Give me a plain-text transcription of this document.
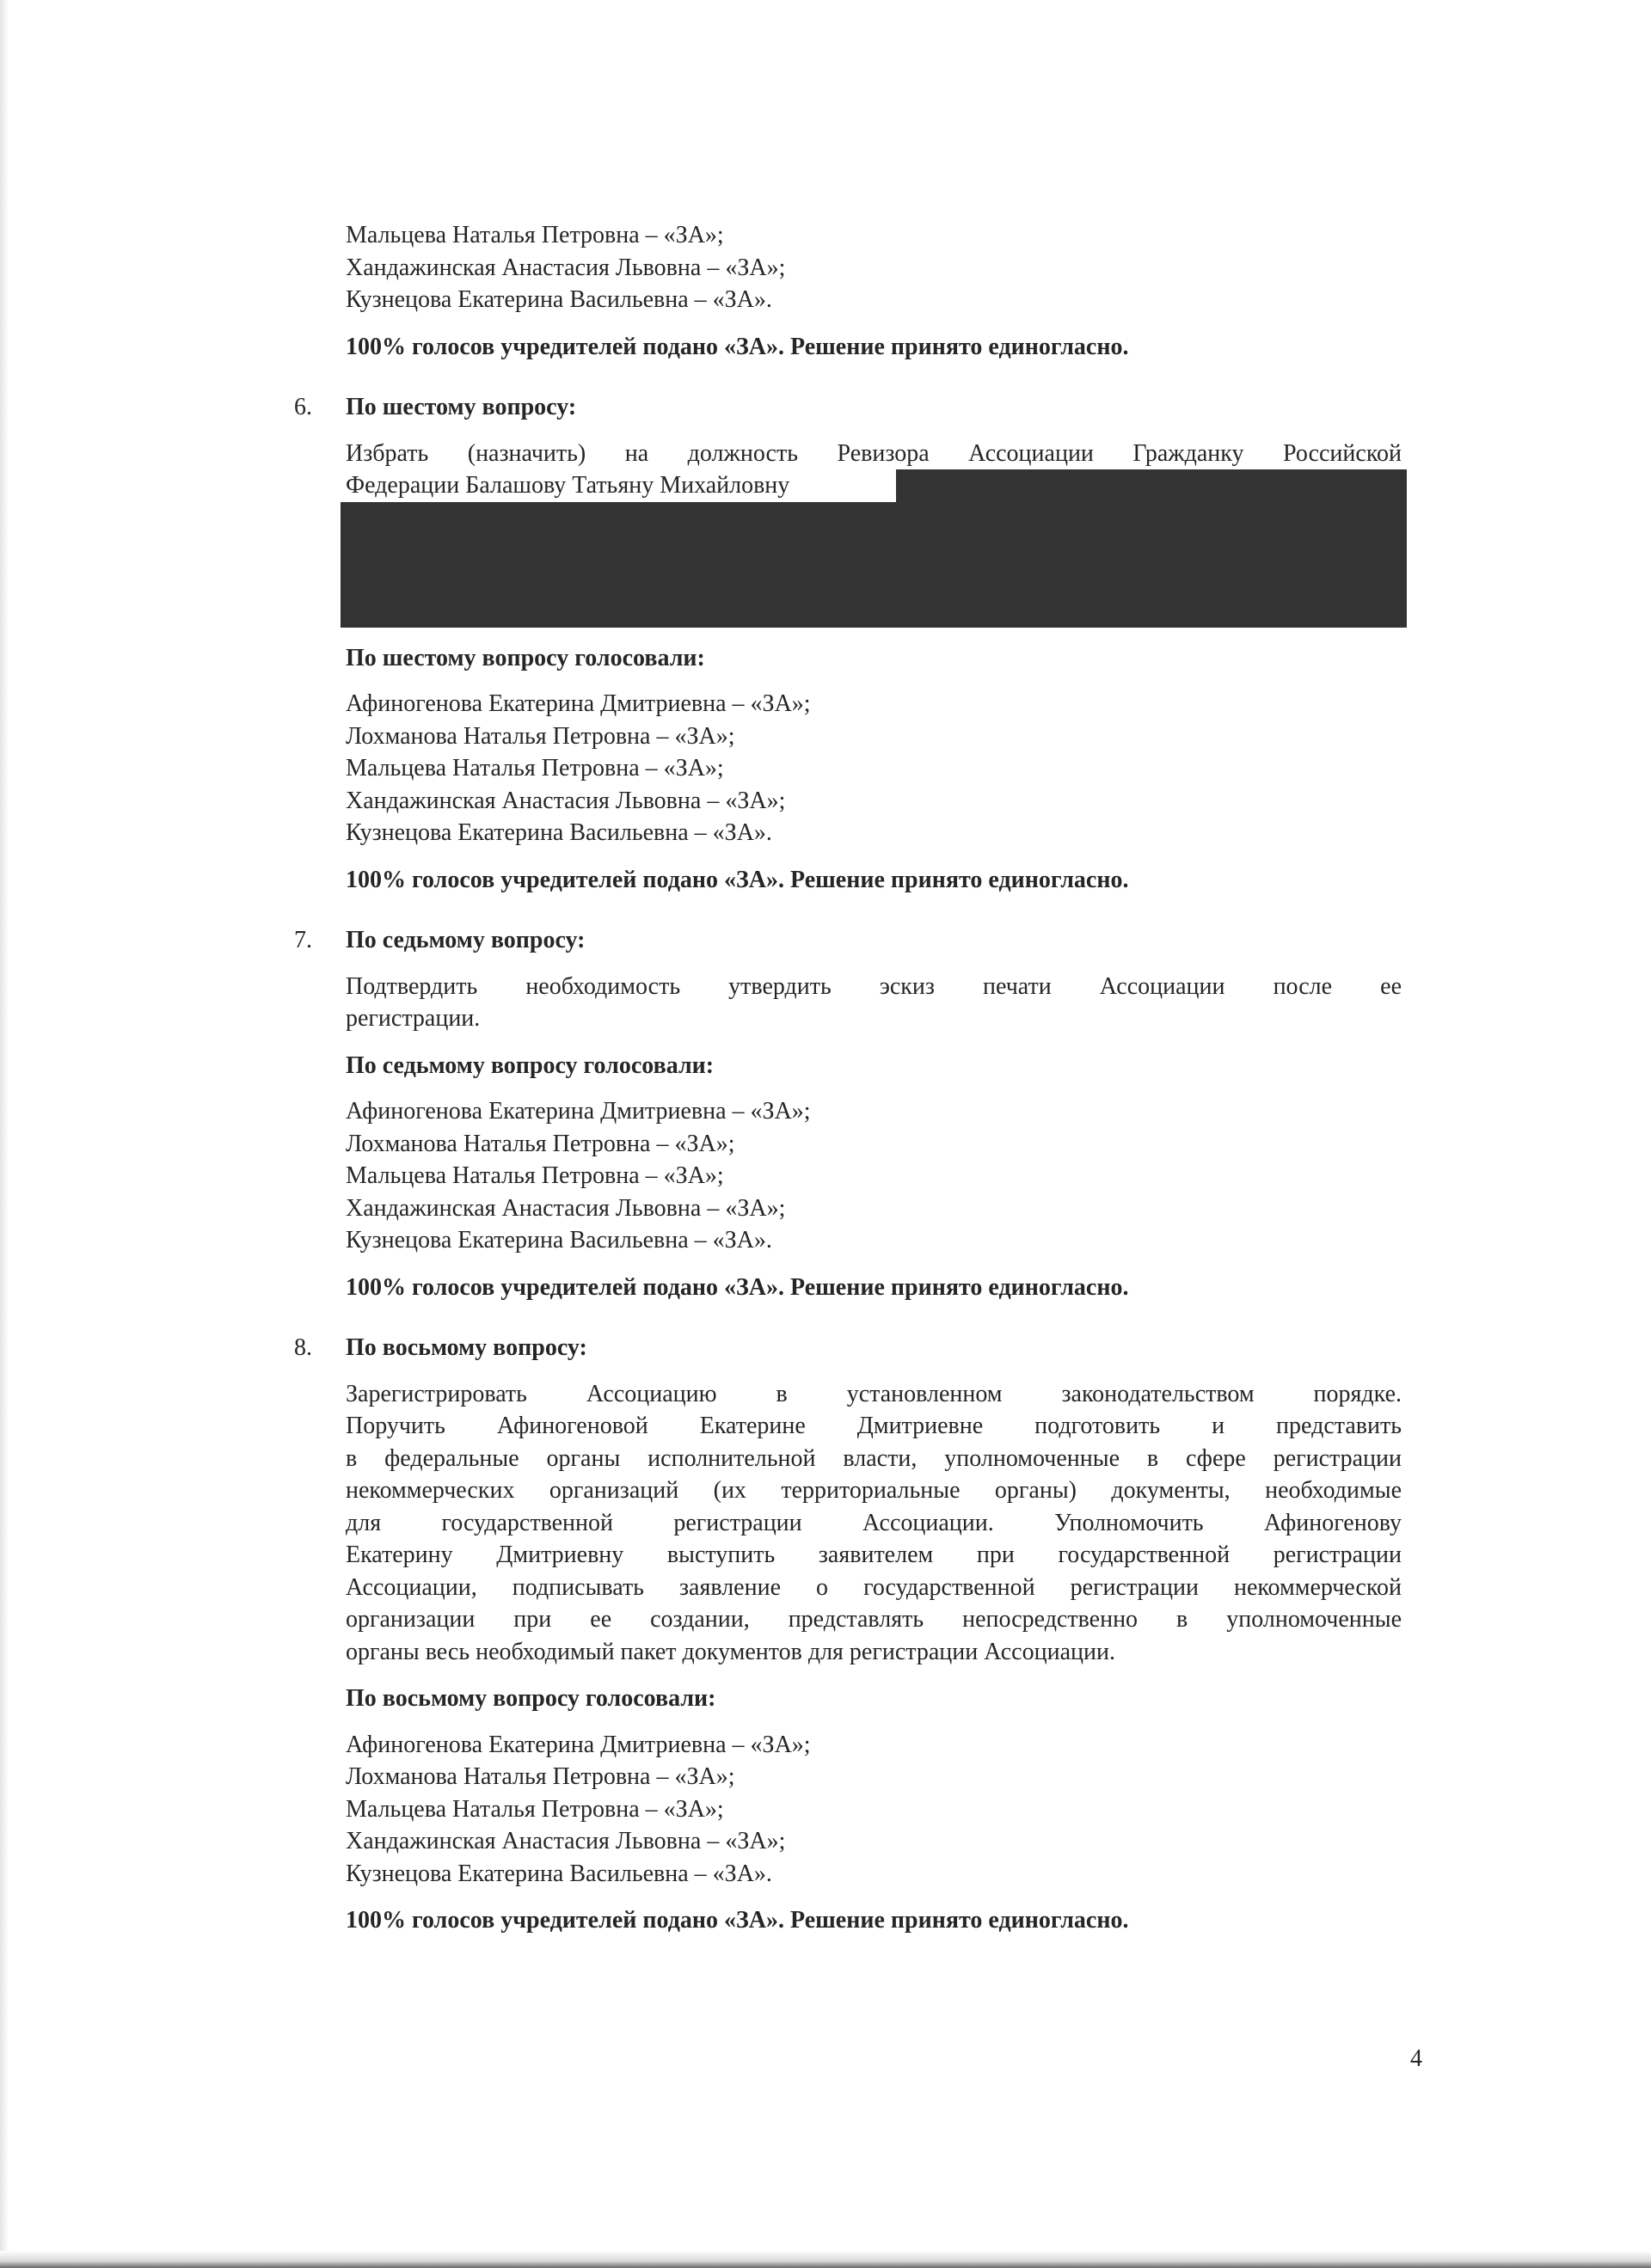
Мальцева Наталья Петровна – «ЗА»;
Хандажинская Анастасия Львовна – «ЗА»;
Кузнецова Екатерина Васильевна – «ЗА».
100% голосов учредителей подано «ЗА». Решение принято единогласно.
6. По шестому вопросу:
Избрать (назначить) на должность Ревизора Ассоциации Гражданку Российской
Федерации Балашову Татьяну Михайловну
По шестому вопросу голосовали:
Афиногенова Екатерина Дмитриевна – «ЗА»;
Лохманова Наталья Петровна – «ЗА»;
Мальцева Наталья Петровна – «ЗА»;
Хандажинская Анастасия Львовна – «ЗА»;
Кузнецова Екатерина Васильевна – «ЗА».
100% голосов учредителей подано «ЗА». Решение принято единогласно.
7. По седьмому вопросу:
Подтвердить необходимость утвердить эскиз печати Ассоциации после ее
регистрации.
По седьмому вопросу голосовали:
Афиногенова Екатерина Дмитриевна – «ЗА»;
Лохманова Наталья Петровна – «ЗА»;
Мальцева Наталья Петровна – «ЗА»;
Хандажинская Анастасия Львовна – «ЗА»;
Кузнецова Екатерина Васильевна – «ЗА».
100% голосов учредителей подано «ЗА». Решение принято единогласно.
8. По восьмому вопросу:
Зарегистрировать Ассоциацию в установленном законодательством порядке.
Поручить Афиногеновой Екатерине Дмитриевне подготовить и представить
в федеральные органы исполнительной власти, уполномоченные в сфере регистрации
некоммерческих организаций (их территориальные органы) документы, необходимые
для государственной регистрации Ассоциации. Уполномочить Афиногенову
Екатерину Дмитриевну выступить заявителем при государственной регистрации
Ассоциации, подписывать заявление о государственной регистрации некоммерческой
организации при ее создании, представлять непосредственно в уполномоченные
органы весь необходимый пакет документов для регистрации Ассоциации.
По восьмому вопросу голосовали:
Афиногенова Екатерина Дмитриевна – «ЗА»;
Лохманова Наталья Петровна – «ЗА»;
Мальцева Наталья Петровна – «ЗА»;
Хандажинская Анастасия Львовна – «ЗА»;
Кузнецова Екатерина Васильевна – «ЗА».
100% голосов учредителей подано «ЗА». Решение принято единогласно.
4
